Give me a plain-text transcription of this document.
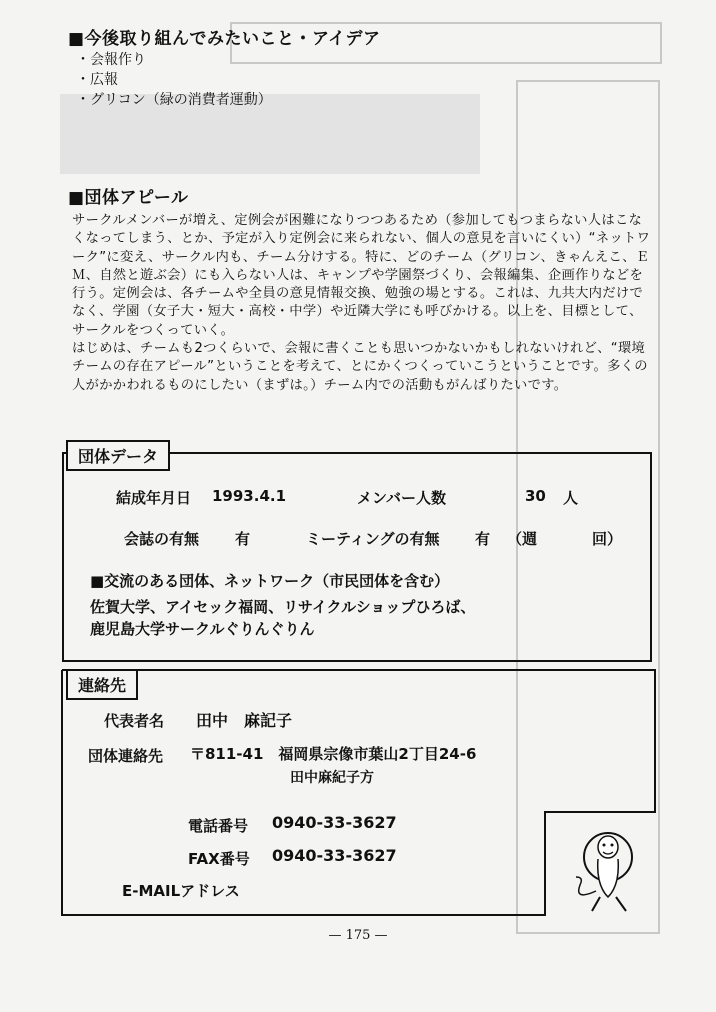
■今後取り組んでみたいこと・アイデア
・会報作り
・広報
・グリコン（緑の消費者運動）
■団体アピール

サークルメンバーが増え、定例会が困難になりつつあるため（参加してもつまらない人はこなくなってしまう、とか、予定が入り定例会に来られない、個人の意見を言いにくい）“ネットワーク”に変え、サークル内も、チーム分けする。特に、どのチーム（グリコン、きゃんえこ、ＥＭ、自然と遊ぶ会）にも入らない人は、キャンプや学園祭づくり、会報編集、企画作りなどを行う。定例会は、各チームや全員の意見情報交換、勉強の場とする。これは、九共大内だけでなく、学園（女子大・短大・高校・中学）や近隣大学にも呼びかける。以上を、目標として、サークルをつくっていく。

はじめは、チームも2つくらいで、会報に書くことも思いつかないかもしれないけれど、“環境チームの存在アピール”ということを考えて、とにかくつくっていこうということです。多くの人がかかわれるものにしたい（まずは。）チーム内での活動もがんばりたいです。

団体データ
結成年月日 1993.4.1	メンバー人数	30 人
会誌の有無 有	ミーティングの有無 有 （週	回）
■交流のある団体、ネットワーク（市民団体を含む）
佐賀大学、アイセック福岡、リサイクルショップひろば、
鹿児島大学サークルぐりんぐりん
連絡先
代表者名 田中　麻記子
団体連絡先 〒811-41　福岡県宗像市葉山2丁目24-6
田中麻紀子方
電話番号 0940-33-3627
FAX番号 0940-33-3627
E-MAILアドレス
— 175 —
